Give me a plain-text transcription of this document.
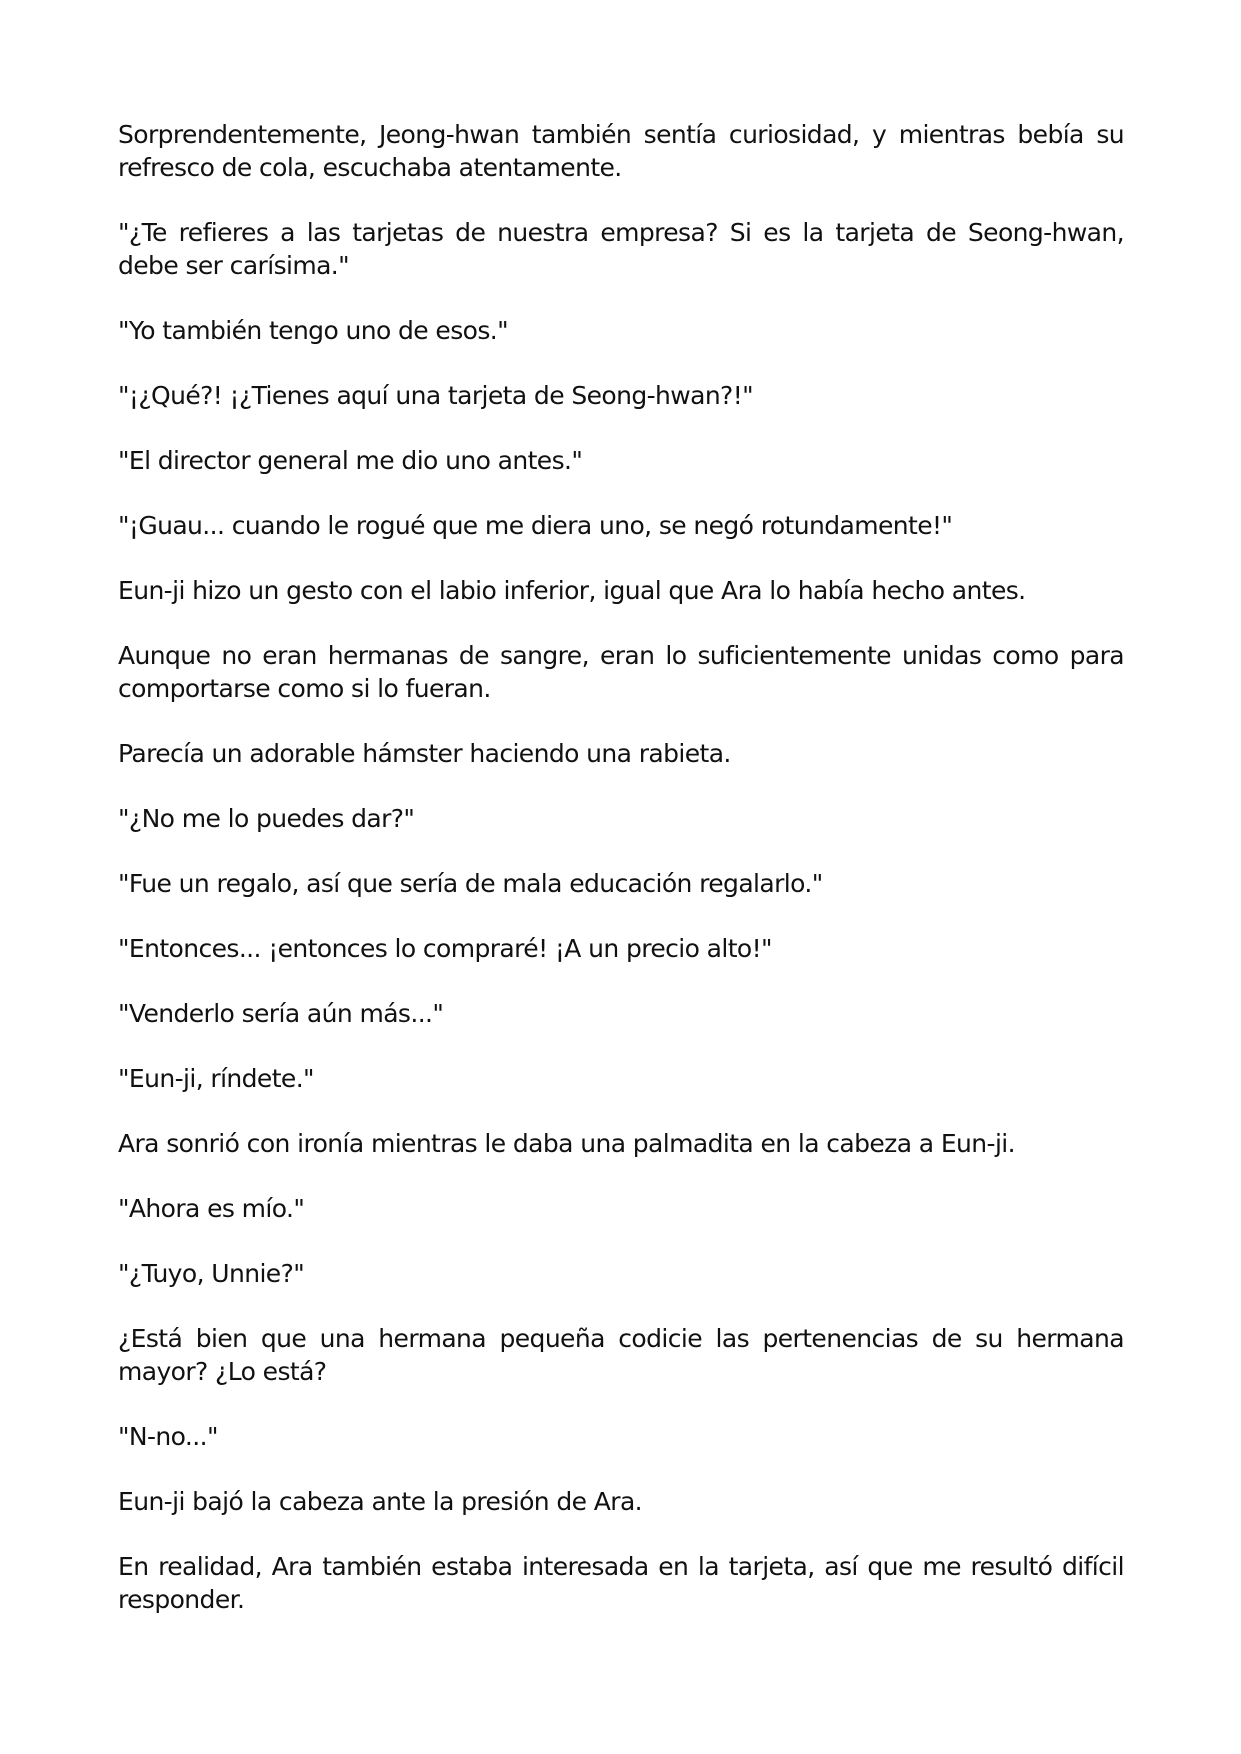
Sorprendentemente, Jeong-hwan también sentía curiosidad, y mientras bebía su refresco de cola, escuchaba atentamente.

"¿Te refieres a las tarjetas de nuestra empresa? Si es la tarjeta de Seong-hwan, debe ser carísima."

"Yo también tengo uno de esos."

"¡¿Qué?! ¡¿Tienes aquí una tarjeta de Seong-hwan?!"

"El director general me dio uno antes."

"¡Guau... cuando le rogué que me diera uno, se negó rotundamente!"

Eun-ji hizo un gesto con el labio inferior, igual que Ara lo había hecho antes.

Aunque no eran hermanas de sangre, eran lo suficientemente unidas como para comportarse como si lo fueran.

Parecía un adorable hámster haciendo una rabieta.

"¿No me lo puedes dar?"

"Fue un regalo, así que sería de mala educación regalarlo."

"Entonces... ¡entonces lo compraré! ¡A un precio alto!"

"Venderlo sería aún más..."

"Eun-ji, ríndete."

Ara sonrió con ironía mientras le daba una palmadita en la cabeza a Eun-ji.

"Ahora es mío."

"¿Tuyo, Unnie?"

¿Está bien que una hermana pequeña codicie las pertenencias de su hermana mayor? ¿Lo está?

"N-no..."

Eun-ji bajó la cabeza ante la presión de Ara.

En realidad, Ara también estaba interesada en la tarjeta, así que me resultó difícil responder.
